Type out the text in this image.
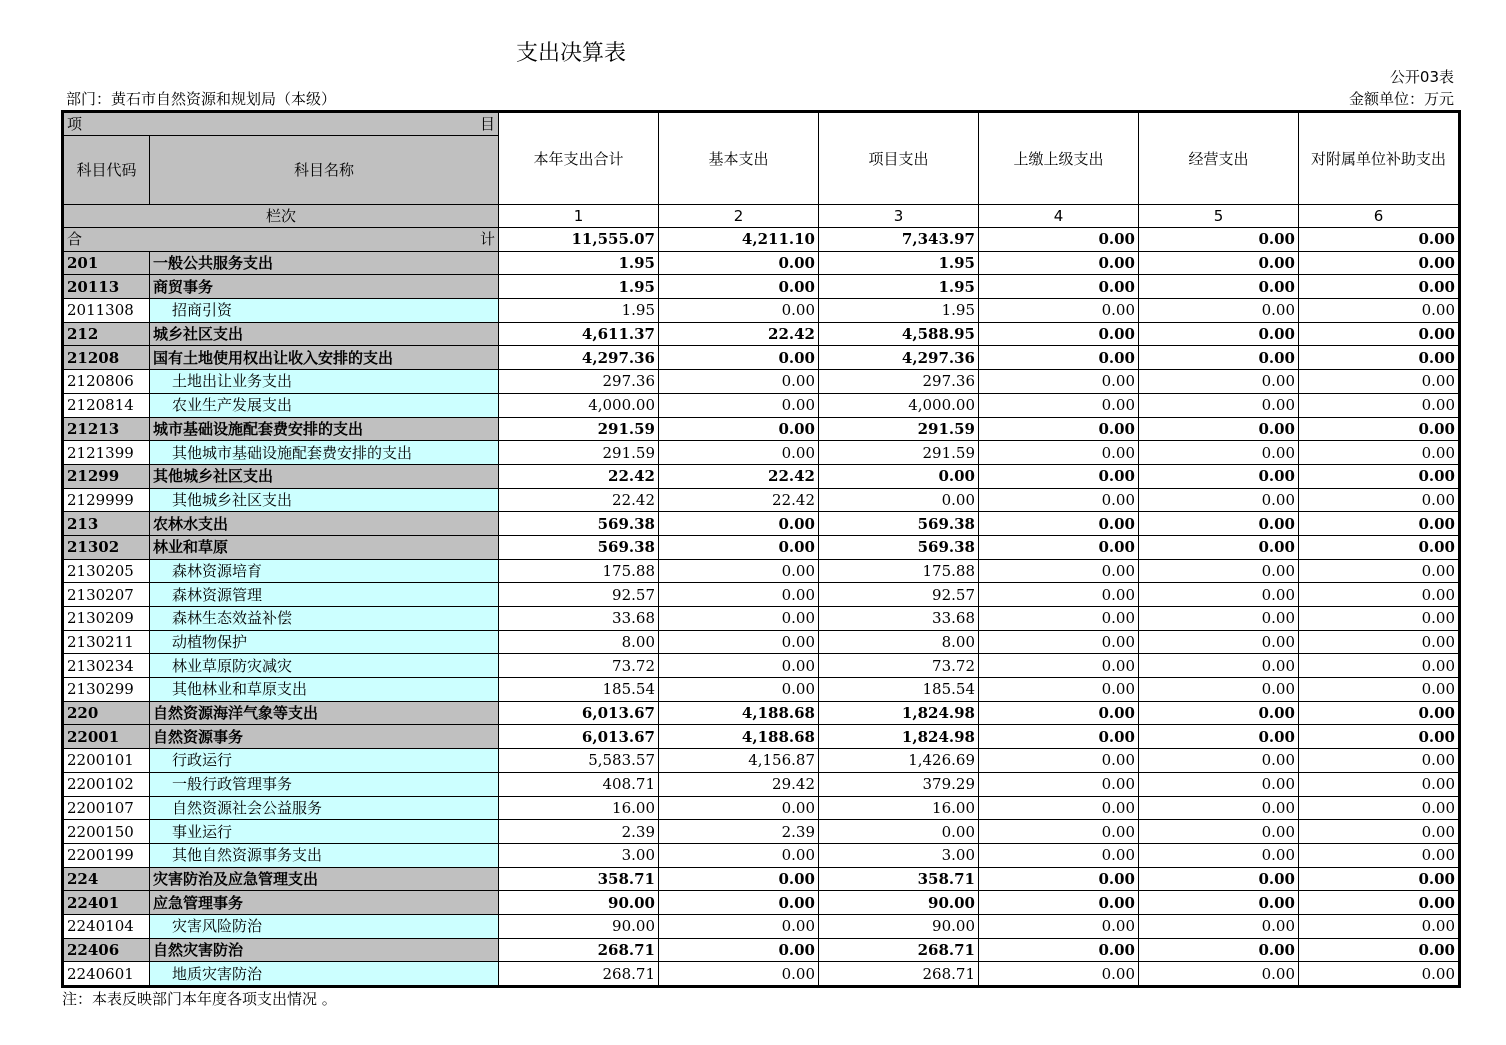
支出决算表
公开03表
部门：黄石市自然资源和规划局（本级）	金额单位：万元
项 目		本年支出合计	基本支出	项目支出	上缴上级支出	经营支出	对附属单位补助支出
科目代码	科目名称						
栏次		1	2	3	4	5	6

合 计		11,555.07	4,211.10	7,343.97	0.00	0.00	0.00
201	一般公共服务支出	1.95	0.00	1.95	0.00	0.00	0.00
20113	商贸事务	1.95	0.00	1.95	0.00	0.00	0.00
2011308	招商引资	1.95	0.00	1.95	0.00	0.00	0.00
212	城乡社区支出	4,611.37	22.42	4,588.95	0.00	0.00	0.00
21208	国有土地使用权出让收入安排的支出	4,297.36	0.00	4,297.36	0.00	0.00	0.00
2120806	土地出让业务支出	297.36	0.00	297.36	0.00	0.00	0.00
2120814	农业生产发展支出	4,000.00	0.00	4,000.00	0.00	0.00	0.00
21213	城市基础设施配套费安排的支出	291.59	0.00	291.59	0.00	0.00	0.00
2121399	其他城市基础设施配套费安排的支出	291.59	0.00	291.59	0.00	0.00	0.00
21299	其他城乡社区支出	22.42	22.42	0.00	0.00	0.00	0.00
2129999	其他城乡社区支出	22.42	22.42	0.00	0.00	0.00	0.00
213	农林水支出	569.38	0.00	569.38	0.00	0.00	0.00
21302	林业和草原	569.38	0.00	569.38	0.00	0.00	0.00
2130205	森林资源培育	175.88	0.00	175.88	0.00	0.00	0.00
2130207	森林资源管理	92.57	0.00	92.57	0.00	0.00	0.00
2130209	森林生态效益补偿	33.68	0.00	33.68	0.00	0.00	0.00
2130211	动植物保护	8.00	0.00	8.00	0.00	0.00	0.00
2130234	林业草原防灾减灾	73.72	0.00	73.72	0.00	0.00	0.00
2130299	其他林业和草原支出	185.54	0.00	185.54	0.00	0.00	0.00
220	自然资源海洋气象等支出	6,013.67	4,188.68	1,824.98	0.00	0.00	0.00
22001	自然资源事务	6,013.67	4,188.68	1,824.98	0.00	0.00	0.00
2200101	行政运行	5,583.57	4,156.87	1,426.69	0.00	0.00	0.00
2200102	一般行政管理事务	408.71	29.42	379.29	0.00	0.00	0.00
2200107	自然资源社会公益服务	16.00	0.00	16.00	0.00	0.00	0.00
2200150	事业运行	2.39	2.39	0.00	0.00	0.00	0.00
2200199	其他自然资源事务支出	3.00	0.00	3.00	0.00	0.00	0.00
224	灾害防治及应急管理支出	358.71	0.00	358.71	0.00	0.00	0.00
22401	应急管理事务	90.00	0.00	90.00	0.00	0.00	0.00
2240104	灾害风险防治	90.00	0.00	90.00	0.00	0.00	0.00
22406	自然灾害防治	268.71	0.00	268.71	0.00	0.00	0.00
2240601	地质灾害防治	268.71	0.00	268.71	0.00	0.00	0.00
注：本表反映部门本年度各项支出情况 。
